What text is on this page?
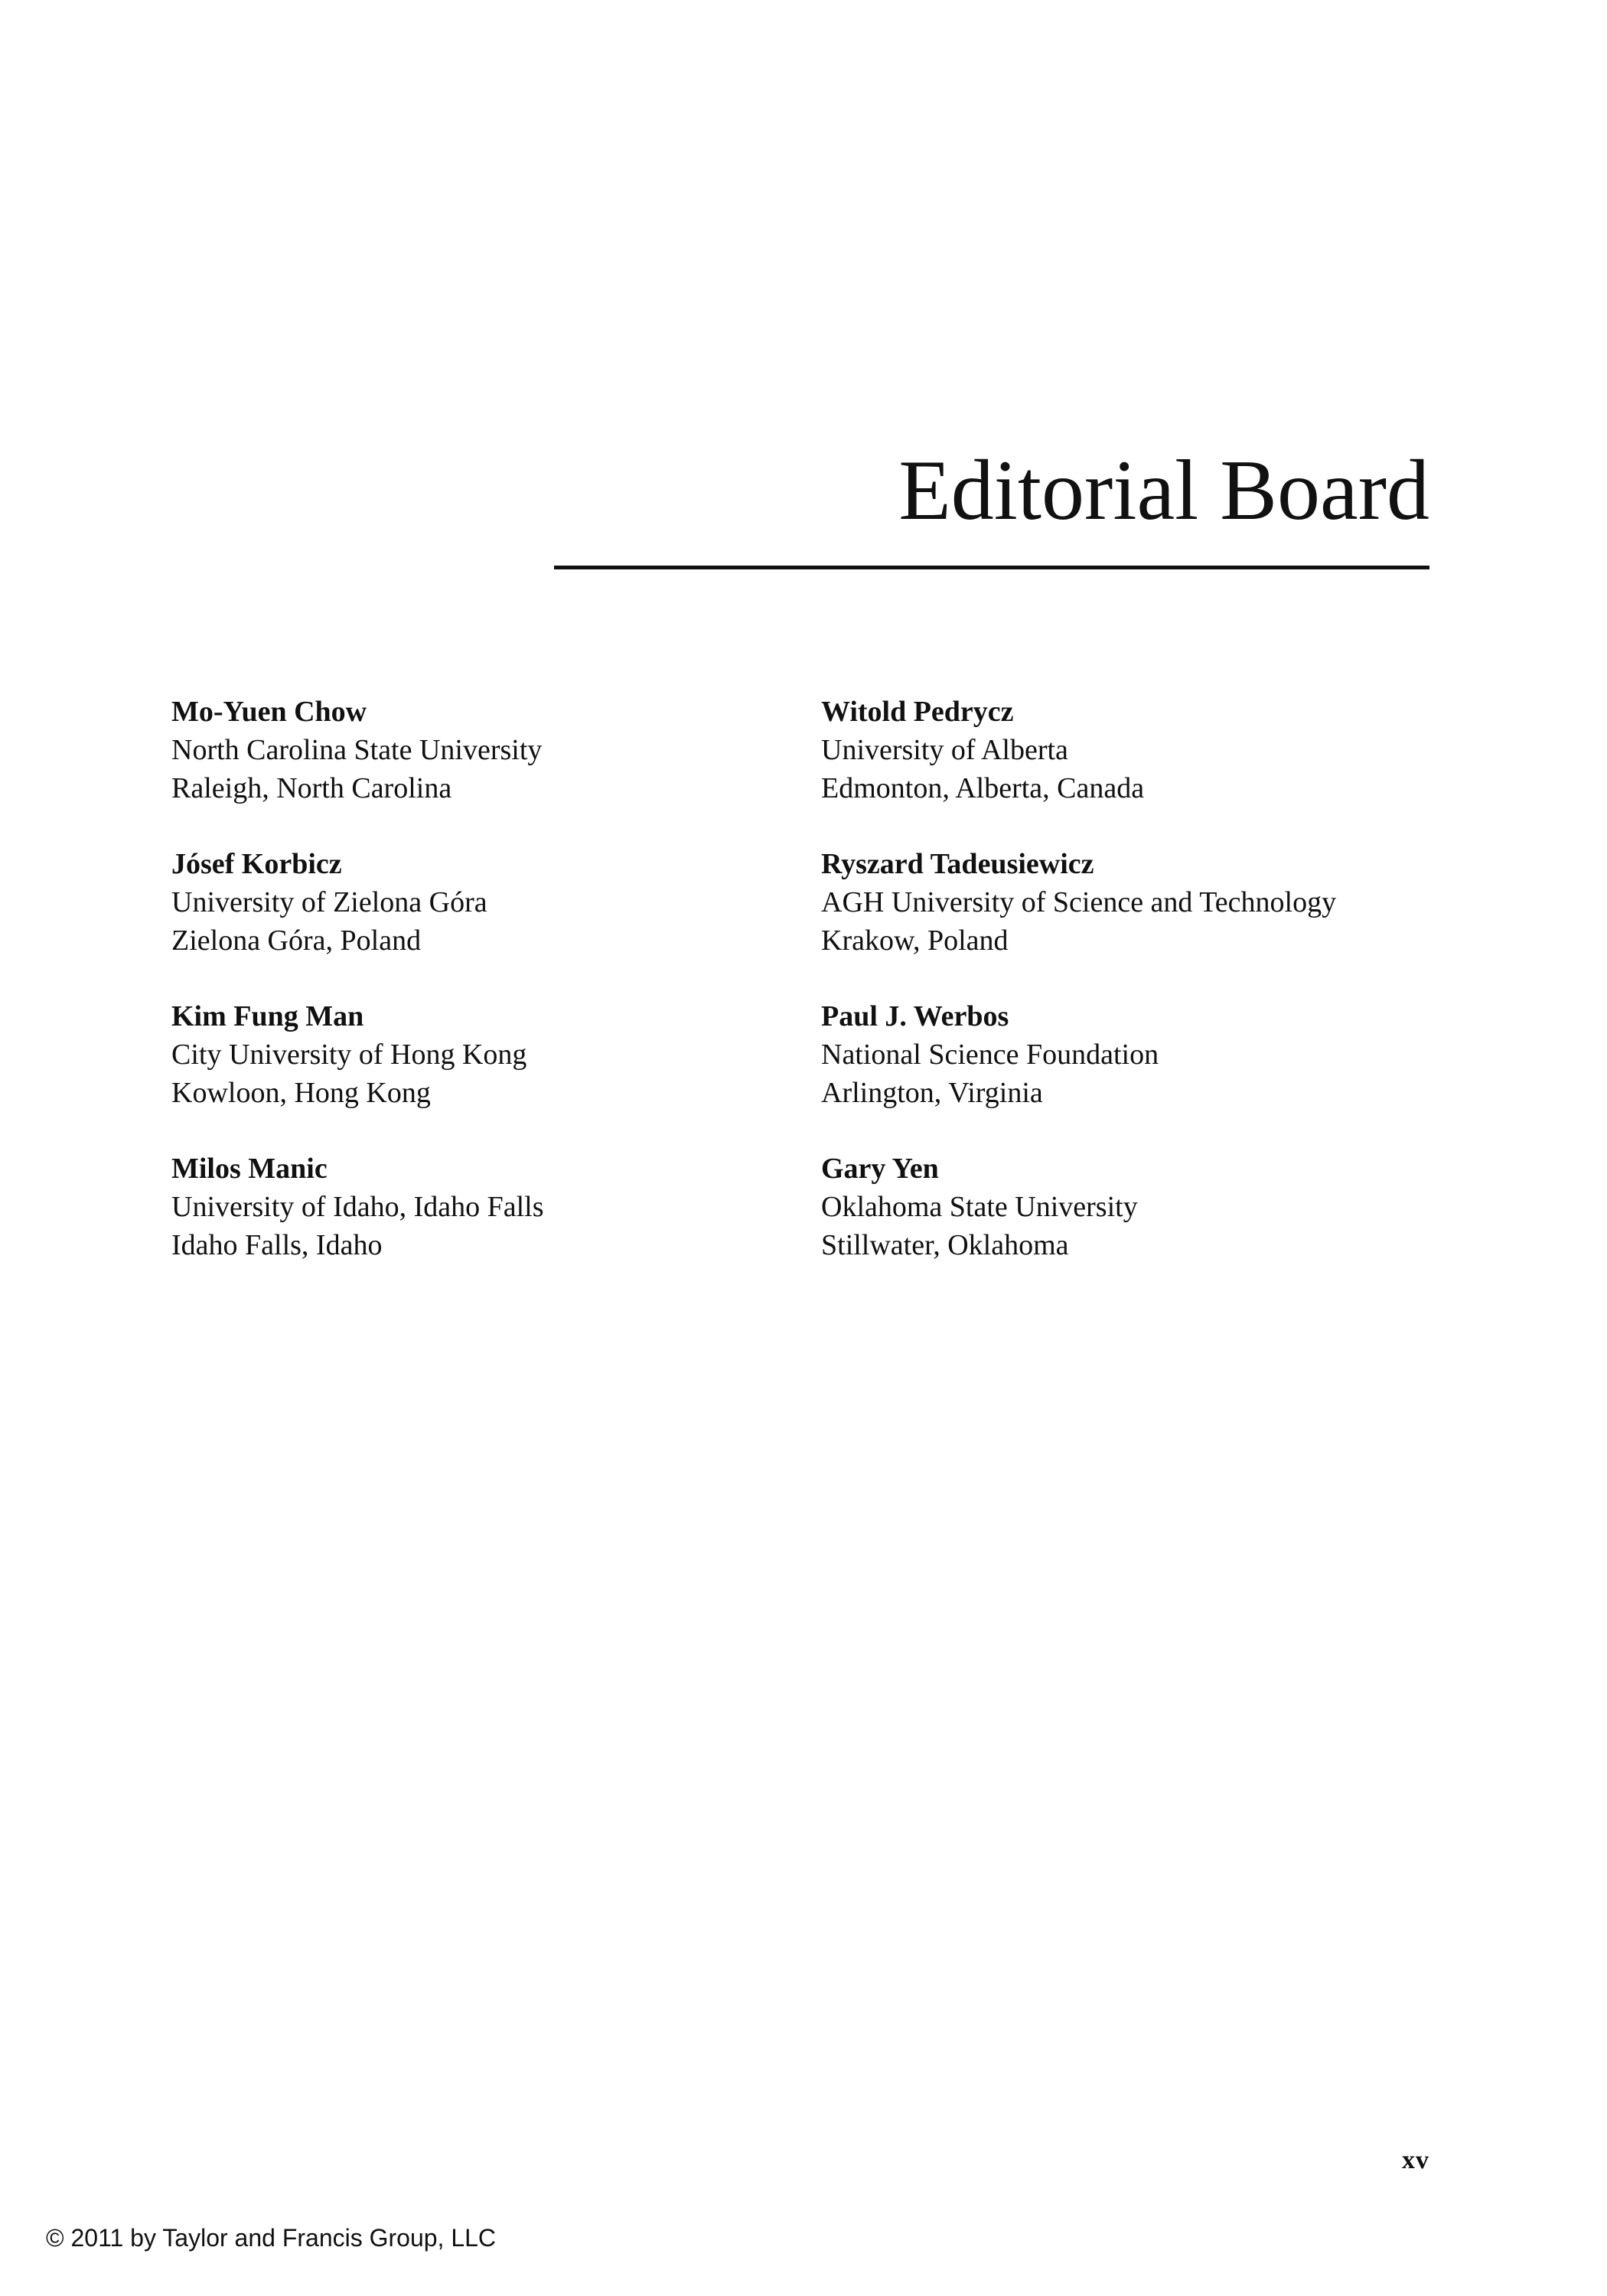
Editorial Board
Mo-Yuen Chow
North Carolina State University
Raleigh, North Carolina
Jósef Korbicz
University of Zielona Góra
Zielona Góra, Poland
Kim Fung Man
City University of Hong Kong
Kowloon, Hong Kong
Milos Manic
University of Idaho, Idaho Falls
Idaho Falls, Idaho
Witold Pedrycz
University of Alberta
Edmonton, Alberta, Canada
Ryszard Tadeusiewicz
AGH University of Science and Technology
Krakow, Poland
Paul J. Werbos
National Science Foundation
Arlington, Virginia
Gary Yen
Oklahoma State University
Stillwater, Oklahoma
xv
© 2011 by Taylor and Francis Group, LLC
